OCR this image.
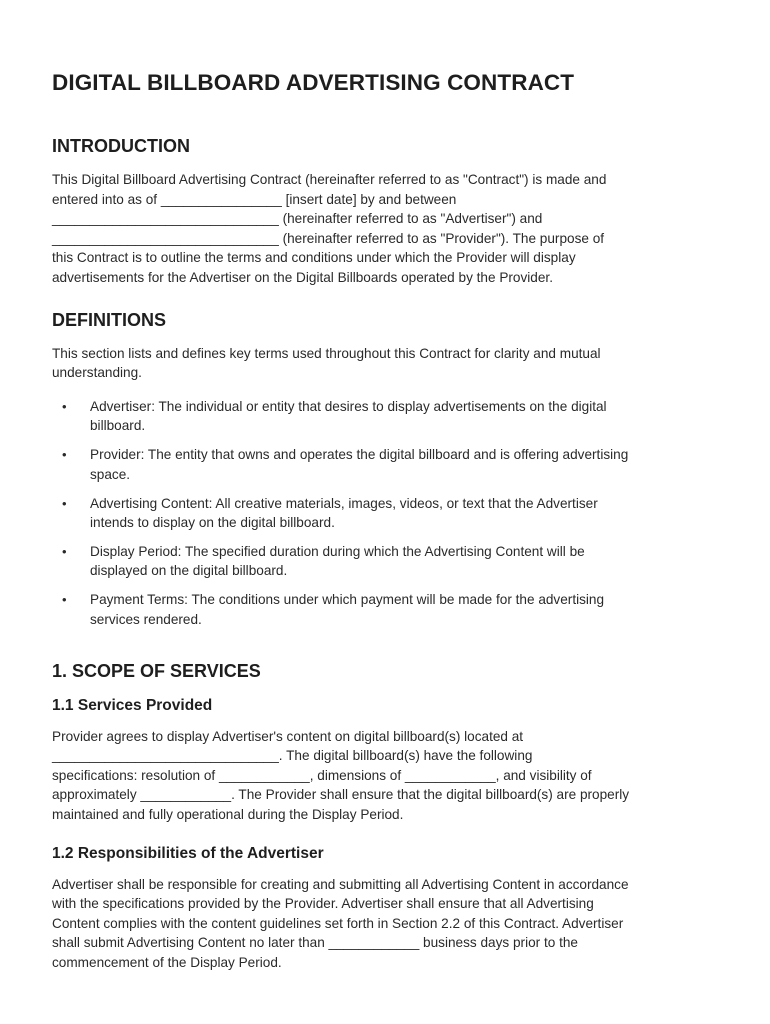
DIGITAL BILLBOARD ADVERTISING CONTRACT
INTRODUCTION

This Digital Billboard Advertising Contract (hereinafter referred to as "Contract") is made and
entered into as of ________________ [insert date] by and between
______________________________ (hereinafter referred to as "Advertiser") and
______________________________ (hereinafter referred to as "Provider"). The purpose of
this Contract is to outline the terms and conditions under which the Provider will display
advertisements for the Advertiser on the Digital Billboards operated by the Provider.

DEFINITIONS

This section lists and defines key terms used throughout this Contract for clarity and mutual
understanding.

• Advertiser: The individual or entity that desires to display advertisements on the digital
billboard.
• Provider: The entity that owns and operates the digital billboard and is offering advertising
space.
• Advertising Content: All creative materials, images, videos, or text that the Advertiser
intends to display on the digital billboard.
• Display Period: The specified duration during which the Advertising Content will be
displayed on the digital billboard.
• Payment Terms: The conditions under which payment will be made for the advertising
services rendered.
1. SCOPE OF SERVICES
1.1 Services Provided

Provider agrees to display Advertiser's content on digital billboard(s) located at
______________________________. The digital billboard(s) have the following
specifications: resolution of ____________, dimensions of ____________, and visibility of
approximately ____________. The Provider shall ensure that the digital billboard(s) are properly
maintained and fully operational during the Display Period.

1.2 Responsibilities of the Advertiser

Advertiser shall be responsible for creating and submitting all Advertising Content in accordance
with the specifications provided by the Provider. Advertiser shall ensure that all Advertising
Content complies with the content guidelines set forth in Section 2.2 of this Contract. Advertiser
shall submit Advertising Content no later than ____________ business days prior to the
commencement of the Display Period.
